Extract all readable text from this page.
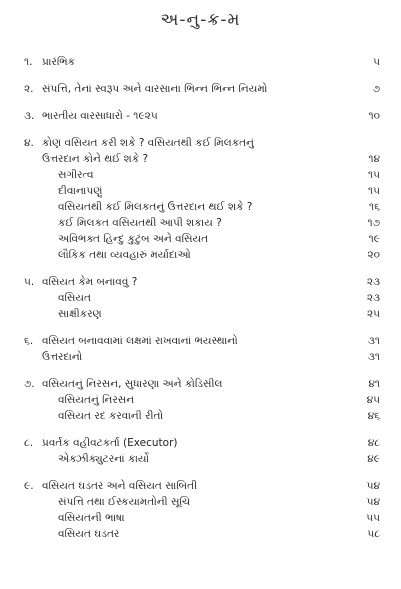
અ-નુ-ક્ર-મ
૧. પ્રારંભિક	૫
૨. સંપત્તિ, તેનાં સ્વરૂપ અને વારસાના ભિન્ન ભિન્ન નિયમો	૭
૩. ભારતીય વારસાધારો - ૧૯૨૫	૧૦
૪. કોણ વસિયત કરી શકે ? વસિયતથી કઈ મિલકતનું
ઉત્તરદાન કોને થઈ શકે ?	૧૪
સગીરત્વ	૧૫
દીવાનાપણું	૧૫
વસિયતથી કઈ મિલકતનું ઉત્તરદાન થઈ શકે ?	૧૬
કઈ મિલકત વસિયતથી આપી શકાય ?	૧૭
અવિભક્ત હિન્દુ કુટુંબ અને વસિયત	૧૯
લૌકિક તથા વ્યવહારું મર્યાદાઓ	૨૦
૫. વસિયત કેમ બનાવવું ?	૨૩
વસિયત	૨૩
સાક્ષીકરણ	૨૫
૬. વસિયત બનાવવામાં લક્ષમાં રાખવાનાં ભયસ્થાનો	૩૧
ઉત્તરદાનો	૩૧
૭. વસિયતનું નિરસન, સુધારણા અને કોડિસીલ	૪૧
વસિયતનું નિરસન	૪૫
વસિયત રદ કરવાની રીતો	૪૬
૮. પ્રવર્તક વહીવટકર્તા (Executor)	૪૮
એક્ઝીક્યુટરનાં કાર્યો	૪૯
૯. વસિયત ઘડતર અને વસિયત સાબિતી	૫૪
સંપત્તિ તથા ઈસ્કયામતોની સૂચિ	૫૪
વસિયતની ભાષા	૫૫
વસિયત ઘડતર	૫૮
